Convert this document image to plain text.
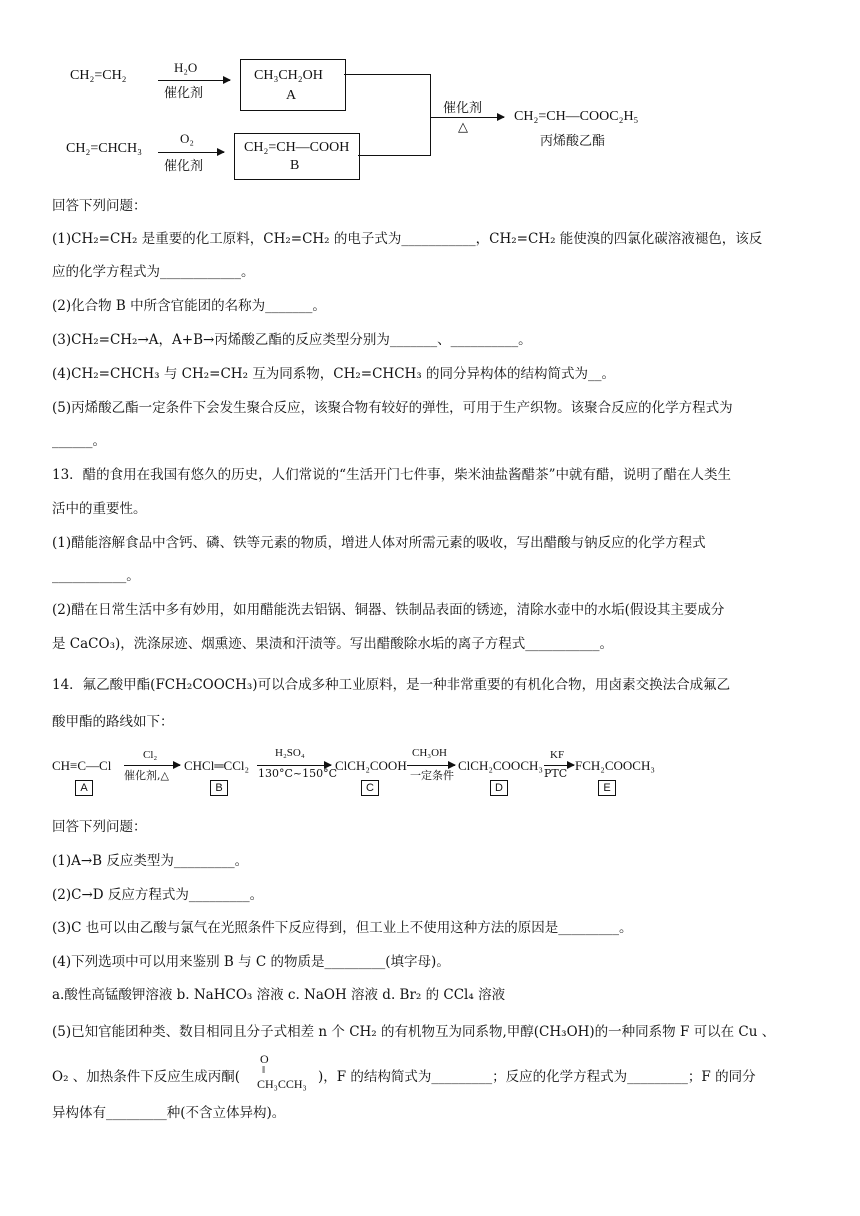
CH₂=CH₂
H₂O
催化剂
CH₃CH₂OH
A
CH₂=CHCH₃
O₂
催化剂
CH₂=CH—COOH
B
催化剂
△
CH₂=CH—COOC₂H₅
丙烯酸乙酯
回答下列问题：
(1)CH₂=CH₂ 是重要的化工原料，CH₂=CH₂ 的电子式为___________，CH₂=CH₂ 能使溴的四氯化碳溶液褪色，该反
应的化学方程式为____________。
(2)化合物 B 中所含官能团的名称为_______。
(3)CH₂=CH₂→A，A+B→丙烯酸乙酯的反应类型分别为_______、__________。
(4)CH₂=CHCH₃ 与 CH₂=CH₂ 互为同系物，CH₂=CHCH₃ 的同分异构体的结构简式为__。
(5)丙烯酸乙酯一定条件下会发生聚合反应，该聚合物有较好的弹性，可用于生产织物。该聚合反应的化学方程式为
______。
13．醋的食用在我国有悠久的历史，人们常说的“生活开门七件事，柴米油盐酱醋茶”中就有醋，说明了醋在人类生
活中的重要性。
(1)醋能溶解食品中含钙、磷、铁等元素的物质，增进人体对所需元素的吸收，写出醋酸与钠反应的化学方程式
___________。
(2)醋在日常生活中多有妙用，如用醋能洗去铝锅、铜器、铁制品表面的锈迹，清除水壶中的水垢(假设其主要成分
是 CaCO₃)，洗涤尿迹、烟熏迹、果渍和汗渍等。写出醋酸除水垢的离子方程式___________。
14．氟乙酸甲酯(FCH₂COOCH₃)可以合成多种工业原料，是一种非常重要的有机化合物，用卤素交换法合成氟乙
酸甲酯的路线如下：
CH≡C—Cl
Cl₂
催化剂,△
CHCl═CCl₂
H₂SO₄
130°C~150°C
ClCH₂COOH
CH₃OH
一定条件
ClCH₂COOCH₃
KF
PTC
FCH₂COOCH₃
A	B	C	D	E
回答下列问题：
(1)A→B 反应类型为_________。
(2)C→D 反应方程式为_________。
(3)C 也可以由乙酸与氯气在光照条件下反应得到，但工业上不使用这种方法的原因是_________。
(4)下列选项中可以用来鉴别 B 与 C 的物质是_________(填字母)。
a.酸性高锰酸钾溶液 b. NaHCO₃ 溶液 c. NaOH 溶液 d. Br₂ 的 CCl₄ 溶液
(5)已知官能团种类、数目相同且分子式相差 n 个 CH₂ 的有机物互为同系物,甲醇(CH₃OH)的一种同系物 F 可以在 Cu 、
O₂ 、加热条件下反应生成丙酮(
O
‖
CH₃CCH₃ )，F 的结构简式为_________；反应的化学方程式为_________；F 的同分
异构体有_________种(不含立体异构)。
